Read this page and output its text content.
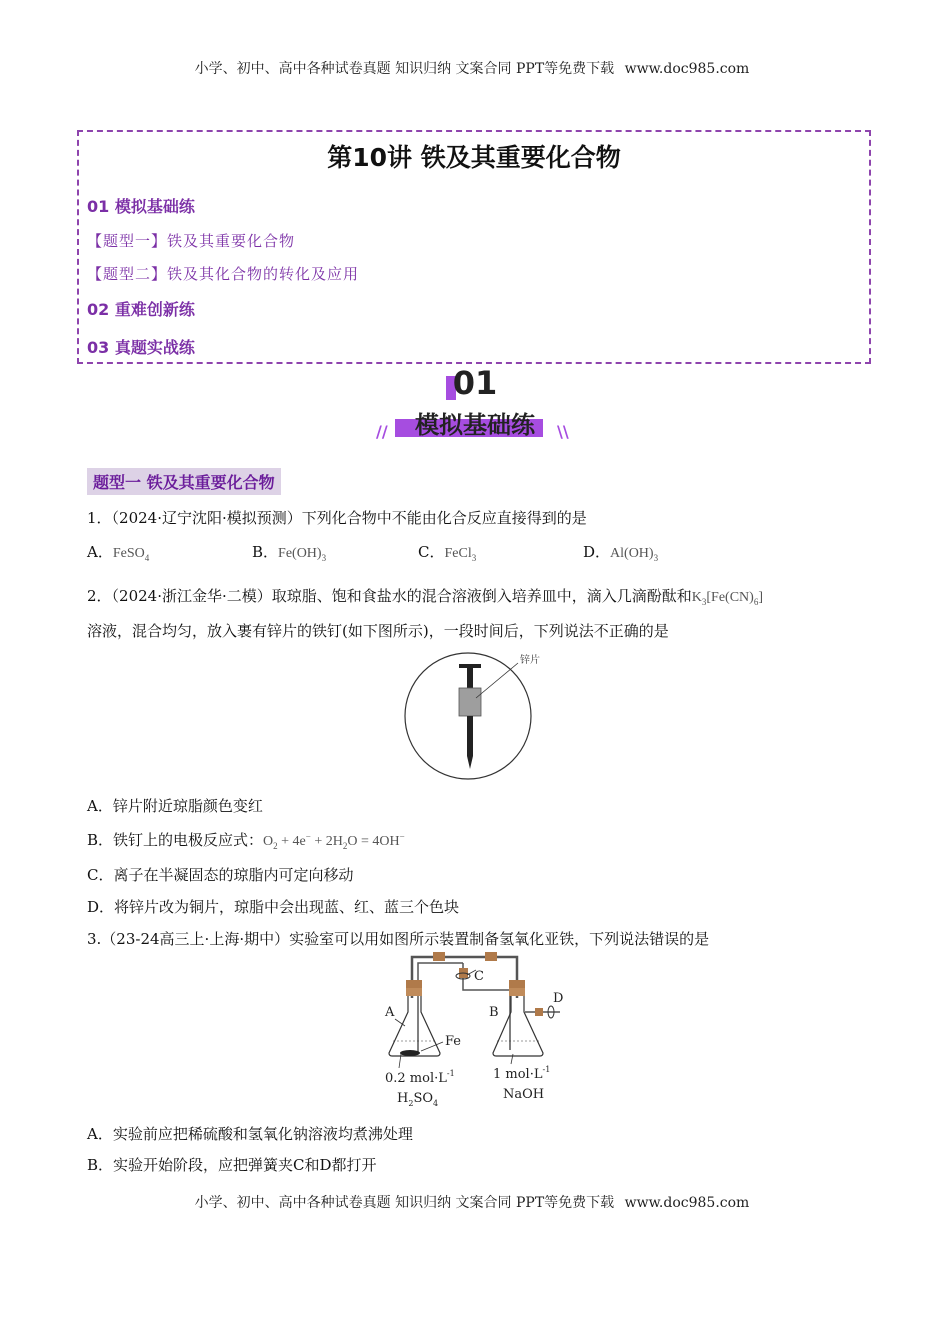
小学、初中、高中各种试卷真题 知识归纳 文案合同 PPT等免费下载 www.doc985.com
第10讲 铁及其重要化合物
01 模拟基础练
【题型一】铁及其重要化合物
【题型二】铁及其化合物的转化及应用
02 重难创新练
03 真题实战练
01
模拟基础练
//	\\
题型一 铁及其重要化合物
1．（2024·辽宁沈阳·模拟预测）下列化合物中不能由化合反应直接得到的是
A．FeSO$_4$	B．$Fe(OH)_3$	C．FeCl$_3$	D．$Al(OH)_3$
2．（2024·浙江金华·二模）取琼脂、饱和食盐水的混合溶液倒入培养皿中，滴入几滴酚酞和$K_3[Fe(CN)_6]$
溶液，混合均匀，放入裹有锌片的铁钉(如下图所示)，一段时间后，下列说法不正确的是
锌片
A．锌片附近琼脂颜色变红
B．铁钉上的电极反应式：$O_2 + 4e^- + 2H_2O = 4OH^-$
C．离子在半凝固态的琼脂内可定向移动
D．将锌片改为铜片，琼脂中会出现蓝、红、蓝三个色块
3.（23-24高三上·上海·期中）实验室可以用如图所示装置制备氢氧化亚铁，下列说法错误的是
C
Fe
A	B
D
0.2 $mol\cdot L^{-1}$
$H_2SO_4$
1 $mol\cdot L^{-1}$
NaOH
A．实验前应把稀硫酸和氢氧化钠溶液均煮沸处理
B．实验开始阶段，应把弹簧夹C和D都打开
小学、初中、高中各种试卷真题 知识归纳 文案合同 PPT等免费下载 www.doc985.com
